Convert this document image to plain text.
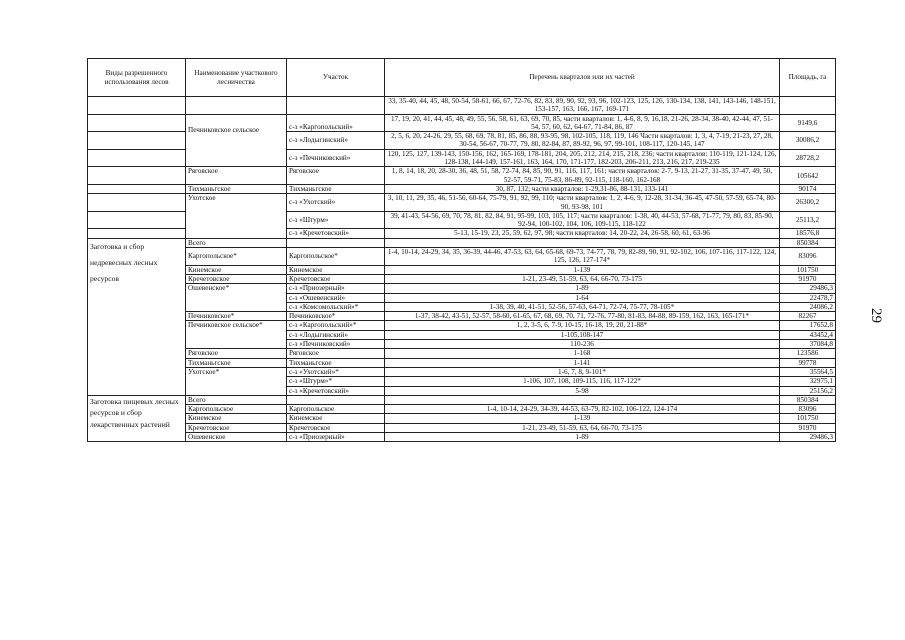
Виды разрешенного использования лесов	Наименование участкового лесничества	Участок	Перечень кварталов или их частей	Площадь, га
			33, 35-40, 44, 45, 48, 50-54, 58-61, 66, 67, 72-76, 82, 83, 89, 90, 92, 93, 96, 102-123, 125, 126, 130-134, 138, 141, 143-146, 148-151, 153-157, 163, 166, 167, 169-171	
	Печниковское сельское	с-з «Каргопольский»	17, 19, 20, 41, 44, 45, 48, 49, 55, 56, 58, 61, 63, 69, 70, 85, части кварталов: 1, 4-6, 8, 9, 16,18, 21-26, 28-34, 38-40, 42-44, 47, 51-54, 57, 60, 62, 64-67, 71-84, 86, 87	9149,6
		с-з «Лодыгинский»	2, 5, 6, 20, 24-26, 29, 55, 68, 69, 78, 81, 85, 86, 88, 93-95, 98, 102-105, 118, 119, 146 Части кварталов: 1, 3, 4, 7-19, 21-23, 27, 28, 30-54, 56-67, 70-77, 79, 80, 82-84, 87, 89-92, 96, 97, 99-101, 108-117, 120-145, 147	30086,2
		с-з «Печниковский»	120, 125, 127, 139-143, 150-156, 162, 165-169, 178-181, 204, 205, 212, 214, 215, 218, 236; части кварталов: 110-119, 121-124, 126, 128-138, 144-149, 157-161, 163, 164, 170, 171-177, 182-203, 206-211, 213, 216, 217, 219-235	28728,2
	Ряговское	Ряговское	1, 8, 14, 18, 20, 28-30, 36, 48, 51, 58, 72-74, 84, 85, 90, 91, 116, 117, 161; части кварталов: 2-7, 9-13, 21-27, 31-35, 37-47, 49, 50, 52-57, 59-71, 75-83, 86-89, 92-115, 118-160, 162-168	105642
	Тихманьгское	Тихманьгское	30, 87, 132; части кварталов: 1-29,31-86, 88-131, 133-141	90174
	Ухотское	с-з «Ухотский»	3, 10, 11, 29, 35, 46, 51-56, 60-64, 75-79, 91, 92, 99, 110; части кварталов: 1, 2, 4-6, 9, 12-28, 31-34, 36-45, 47-50, 57-59, 65-74, 80-90, 93-98, 101	26300,2
		с-з «Штурм»	39, 41-43, 54-56, 69, 70, 78, 81, 82, 84, 91, 95-99, 103, 105, 117; части кварталов: 1-38, 40, 44-53, 57-68, 71-77, 79, 80, 83, 85-90, 92-94, 100-102, 104, 106, 109-115, 118-122	25113,2
		с-з «Кречетовский»	5-13, 15-19, 23, 25, 59, 62, 97, 98; части кварталов: 14, 20-22, 24, 26-58, 60, 61, 63-96	18576,8
Заготовка и сбор недревесных лесных ресурсов	Всего			850384
	Каргопольское*	Каргопольское*	1-4, 10-14, 24-29, 34, 35, 36-39, 44-46, 47-53, 63, 64, 65-68, 69-73, 74-77, 78, 79, 82-89, 90, 91, 92-102, 106, 107-116, 117-122, 124, 125, 126, 127-174*	83096
	Кинемское	Кинемское	1-139	101750
	Кречетовское	Кречетовское	1-21, 23-49, 51-59, 63, 64, 66-70, 73-175	91970
	Ошевенское*	с-з «Приозерный»	1-89	29486,3
		с-з «Ошевенский»	1-64	22478,7
		с-з «Комсомольский»*	1-38, 39, 40, 41-51, 52-56, 57-63, 64-71, 72-74, 75-77, 78-105*	24086,2
	Печниковское*	Печниковское*	1-37, 38-42, 43-51, 52-57, 58-60, 61-65, 67, 68, 69, 70, 71, 72-76, 77-80, 81-83, 84-88, 89-159, 162, 163, 165-171*	82267
	Печниковское сельское*	с-з «Каргопольский»*	1, 2, 3-5, 6, 7-9, 10-15, 16-18, 19, 20, 21-88*	17652,8
		с-з «Лодыгинский»	1-105,108-147	43452,4
		с-з «Печниковский»	110-236	37084,8
	Ряговское	Ряговское	1-168	123586
	Тихманьгское	Тихманьгское	1-141	99778
	Ухотское*	с-з «Ухотский»*	1-6, 7, 8, 9-101*	35564,5
		с-з «Штурм»*	1-106, 107, 108, 109-115, 116, 117-122*	32975,1
		с-з «Кречетовский»	5-98	25156,2
Заготовка пищевых лесных ресурсов и сбор лекарственных растений	Всего			850384
	Каргопольское	Каргопольское	1-4, 10-14, 24-29, 34-39, 44-53, 63-79, 82-102, 106-122, 124-174	83096
	Кинемское	Кинемское	1-139	101750
	Кречетовское	Кречетовское	1-21, 23-49, 51-59, 63, 64, 66-70, 73-175	91970
	Ошевенское	с-з «Приозерный»	1-89	29486,3
29
